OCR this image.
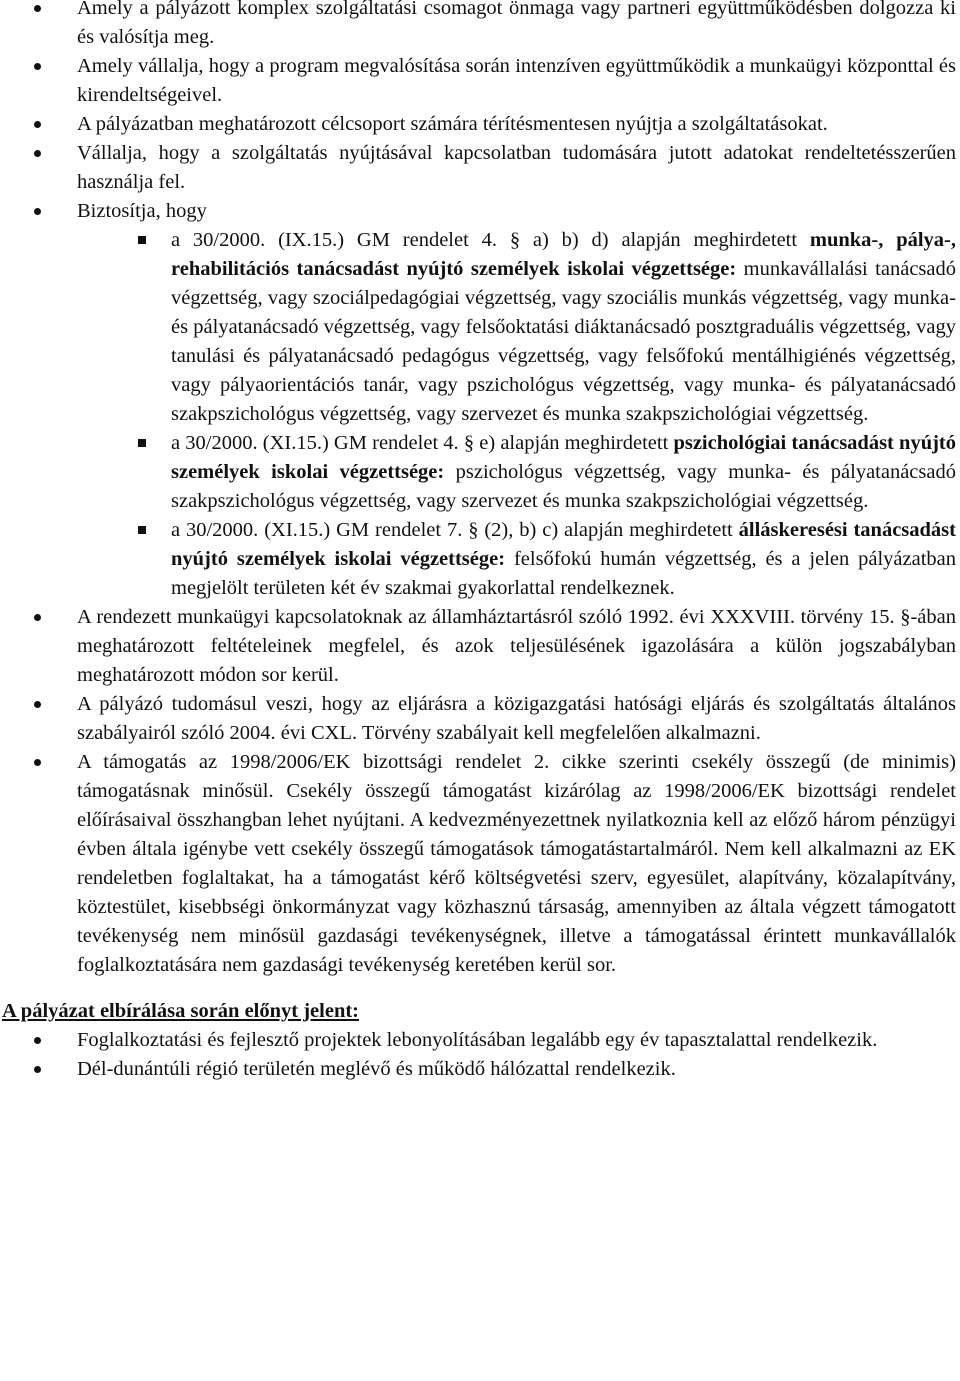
Amely a pályázott komplex szolgáltatási csomagot önmaga vagy partneri együttműködésben dolgozza ki és valósítja meg.
Amely vállalja, hogy a program megvalósítása során intenzíven együttműködik a munkaügyi központtal és kirendeltségeivel.
A pályázatban meghatározott célcsoport számára térítésmentesen nyújtja a szolgáltatásokat.
Vállalja, hogy a szolgáltatás nyújtásával kapcsolatban tudomására jutott adatokat rendeltetésszerűen használja fel.
Biztosítja, hogy
a 30/2000. (IX.15.) GM rendelet 4. § a) b) d) alapján meghirdetett munka-, pálya-, rehabilitációs tanácsadást nyújtó személyek iskolai végzettsége: munkavállalási tanácsadó végzettség, vagy szociálpedagógiai végzettség, vagy szociális munkás végzettség, vagy munka- és pályatanácsadó végzettség, vagy felsőoktatási diáktanácsadó posztgraduális végzettség, vagy tanulási és pályatanácsadó pedagógus végzettség, vagy felsőfokú mentálhigiénés végzettség, vagy pályaorientációs tanár, vagy pszichológus végzettség, vagy munka- és pályatanácsadó szakpszichológus végzettség, vagy szervezet és munka szakpszichológiai végzettség.
a 30/2000. (XI.15.) GM rendelet 4. § e) alapján meghirdetett pszichológiai tanácsadást nyújtó személyek iskolai végzettsége: pszichológus végzettség, vagy munka- és pályatanácsadó szakpszichológus végzettség, vagy szervezet és munka szakpszichológiai végzettség.
a 30/2000. (XI.15.) GM rendelet 7. § (2), b) c) alapján meghirdetett álláskeresési tanácsadást nyújtó személyek iskolai végzettsége: felsőfokú humán végzettség, és a jelen pályázatban megjelölt területen két év szakmai gyakorlattal rendelkeznek.
A rendezett munkaügyi kapcsolatoknak az államháztartásról szóló 1992. évi XXXVIII. törvény 15. §-ában meghatározott feltételeinek megfelel, és azok teljesülésének igazolására a külön jogszabályban meghatározott módon sor kerül.
A pályázó tudomásul veszi, hogy az eljárásra a közigazgatási hatósági eljárás és szolgáltatás általános szabályairól szóló 2004. évi CXL. Törvény szabályait kell megfelelően alkalmazni.
A támogatás az 1998/2006/EK bizottsági rendelet 2. cikke szerinti csekély összegű (de minimis) támogatásnak minősül. Csekély összegű támogatást kizárólag az 1998/2006/EK bizottsági rendelet előírásaival összhangban lehet nyújtani. A kedvezményezettnek nyilatkoznia kell az előző három pénzügyi évben általa igénybe vett csekély összegű támogatások támogatástartalmáról. Nem kell alkalmazni az EK rendeletben foglaltakat, ha a támogatást kérő költségvetési szerv, egyesület, alapítvány, közalapítvány, köztestület, kisebbségi önkormányzat vagy közhasznú társaság, amennyiben az általa végzett támogatott tevékenység nem minősül gazdasági tevékenységnek, illetve a támogatással érintett munkavállalók foglalkoztatására nem gazdasági tevékenység keretében kerül sor.
A pályázat elbírálása során előnyt jelent:
Foglalkoztatási és fejlesztő projektek lebonyolításában legalább egy év tapasztalattal rendelkezik.
Dél-dunántúli régió területén meglévő és működő hálózattal rendelkezik.
